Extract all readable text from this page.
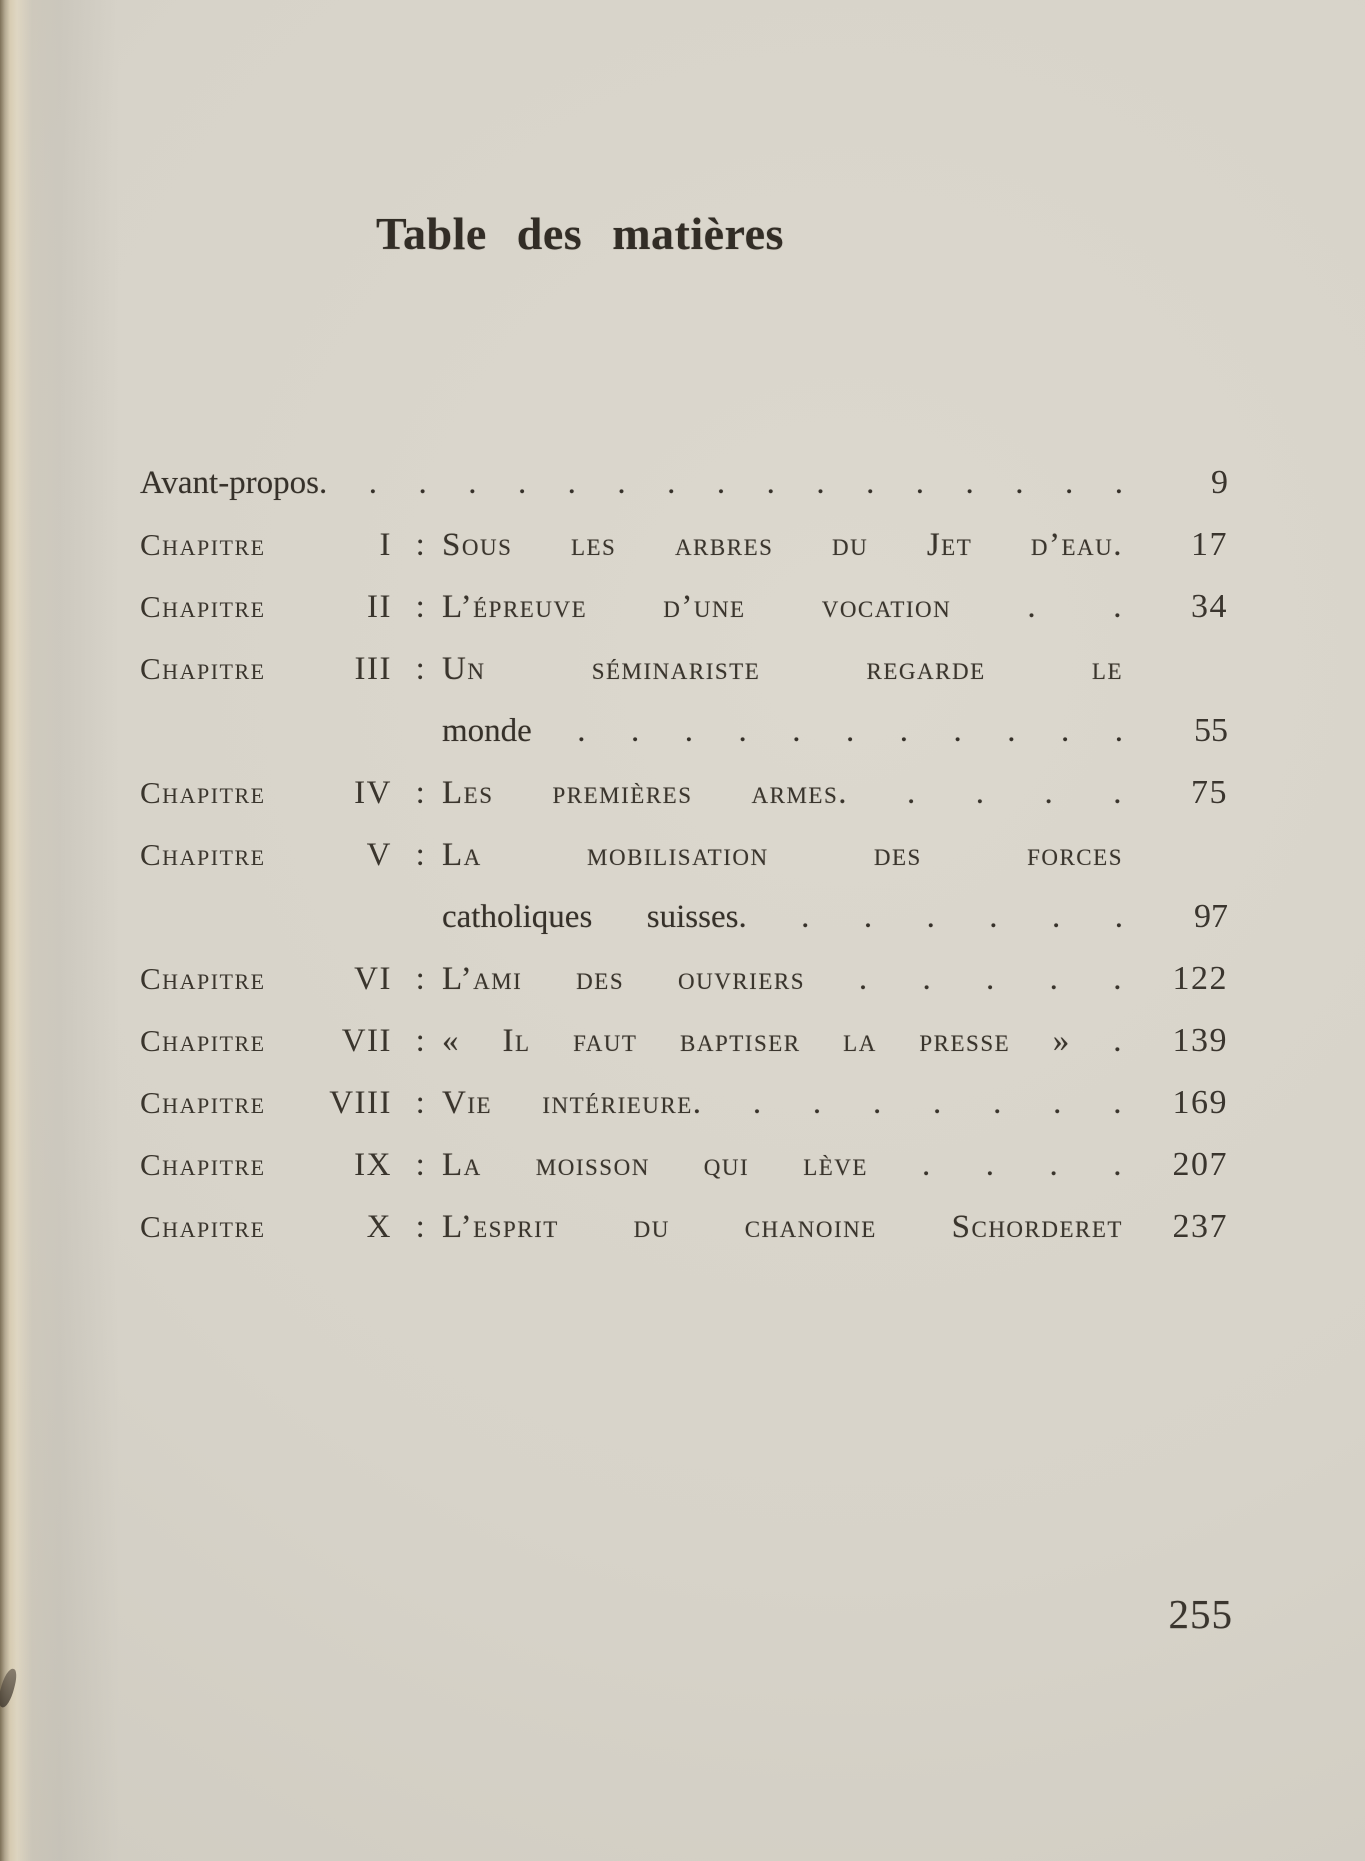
Table des matières
Avant-propos. . . . . . . . . . . . . . . . .	9
Chapitre	I : Sous les arbres du Jet d’eau.	17
Chapitre	II : L’épreuve d’une vocation . .	34
Chapitre	III : Un séminariste regarde le
monde . . . . . . . . . . .	55
Chapitre	IV : Les premières armes. . . . .	75
Chapitre	V : La mobilisation des forces
catholiques suisses. . . . . . .	97
Chapitre	VI : L’ami des ouvriers . . . . .	122
Chapitre	VII : « Il faut baptiser la presse » .	139
Chapitre	VIII : Vie intérieure. . . . . . . .	169
Chapitre	IX : La moisson qui lève . . . .	207
Chapitre	X : L’esprit du chanoine Schorderet	237
255
